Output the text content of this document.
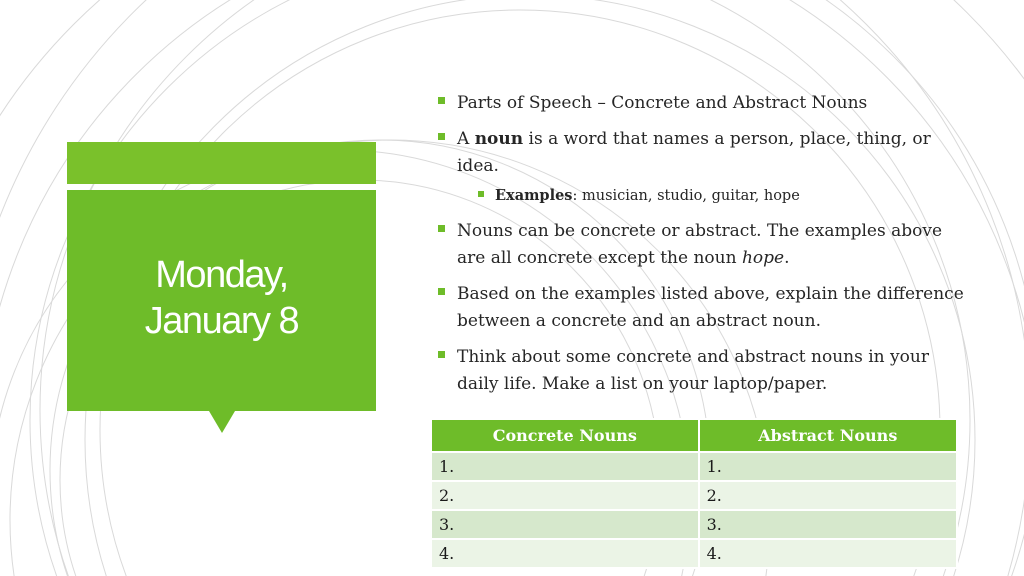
Monday,
January 8
Parts of Speech – Concrete and Abstract Nouns
A noun is a word that names a person, place, thing, or idea.
Examples: musician, studio, guitar, hope
Nouns can be concrete or abstract. The examples above are all concrete except the noun hope.
Based on the examples listed above, explain the difference between a concrete and an abstract noun.
Think about some concrete and abstract nouns in your daily life. Make a list on your laptop/paper.
Concrete Nouns	Abstract Nouns
1.	1.
2.	2.
3.	3.
4.	4.
